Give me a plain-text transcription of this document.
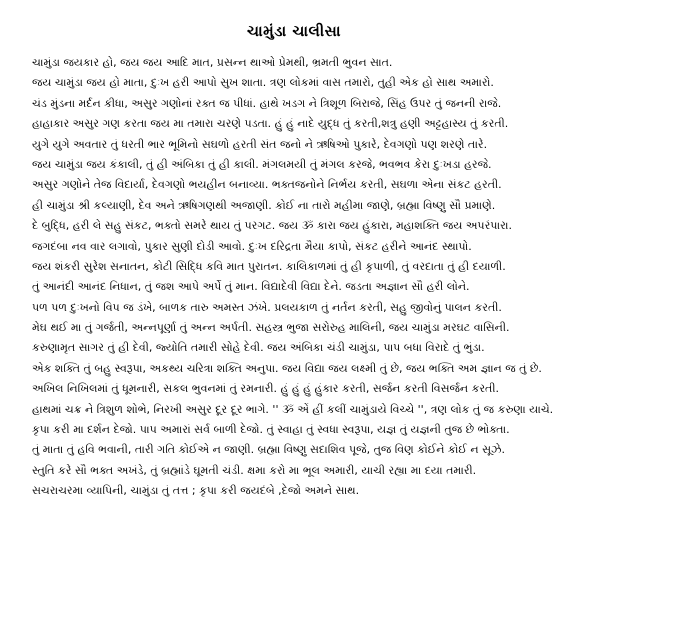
ચામુંડા ચાલીસા
ચામુંડા જયકાર હો, જય જય આદિ માત, પ્રસન્ન થાઓ પ્રેમથી, ભ્રમતી ભુવન સાત.
જય ચામુંડા જય હો માતા, દુઃખ હરી આપો સુખ શાતા. ત્રણ લોકમાં વાસ તમારો, તુહી એક હો સાથ અમારો.
ચંડ મુંડના મર્દન કીધા, અસુર ગણોનાં રક્ત જ પીધાં. હાથે ખડગ ને ત્રિશૂળ બિરાજે, સિંહ ઉપર તું જનની રાજે.
હાહાકાર અસુર ગણ કરતા જય મા તમારા ચરણે પડતા. હું હું નાદે યુદ્ધ તું કરતી,શત્રુ હણી અટ્ટહાસ્ય તું કરતી.
યુગે યુગે અવતાર તું ધરતી ભાર ભૂમિનો સઘળો હરતી સંત જનો ને ઋષિઓ પુકારે, દેવગણો પણ શરણે તારે.
જય ચામુંડા જય કંકાલી, તું હી અંબિકા તું હી કાલી. મંગલમયી તું મંગલ કરજે, ભવભવ કેરા દુઃખડા હરજે.
અસુર ગણોને તેજ વિદાર્યા, દેવગણો ભયહીન બનાવ્યા. ભક્તજનોને નિર્ભય કરતી, સઘળા એના સંકટ હરતી.
હી ચામુંડા શ્રી કલ્યાણી, દેવ અને ઋષિગણથી અજાણી. કોઈ ના તારો મહીમા જાણે, બ્રહ્મા વિષ્ણુ સૌ પ્રમાણે.
દે બુદ્ધિ, હરી લે સહુ સંકટ, ભક્તો સમરે થાય તું પરગટ. જય ૐ કારા જય હુંકારા, મહાશક્તિ જય અપરંપારા.
જગદંબા નવ વાર લગાવો, પુકાર સુણી દોડી આવો. દુઃખ દરિદ્રતા મૈયા કાપો, સંકટ હરીને આનંદ સ્થાપો.
જય શંકરી સુરેશ સનાતન, કોટી સિદ્ધિ કવિ માત પુરાતન. કાલિકાળમાં તું હી કૃપાળી, તું વરદાતા તું હી દયાળી.
તું આનંદી આનંદ નિધાન, તું જશ આપે અર્પે તું માન. વિદ્યાદેવી વિદ્યા દેને. જડતા અજ્ઞાન સૌ હરી લોને.
પળ પળ દુઃખનો વિપ જ ડંખે, બાળક તારુ અમસ્ત ઝંખે. પ્રલયકાળ તું નર્તન કરતી, સહુ જીવોનું પાલન કરતી.
મેઘ થઈ મા તું ગર્જતી, અન્નપૂર્ણા તું અન્ન અર્પતી. સહસ્ત્ર ભુજા સરોરુહ માલિની, જય ચામુંડા મરઘટ વાસિની.
કરુણામૃત સાગર તું હી દેવી, જ્યોતિ તમારી સોહે દેવી. જય અંબિકા ચંડી ચામુંડા, પાપ બધા વિરાદે તું ભુંડા.
એક શક્તિ તું બહુ સ્વરૂપા, અકથ્ય ચરિત્રા શક્તિ અનુપા. જય વિદ્યા જય લક્ષ્મી તું છે, જય ભક્તિ અમ જ્ઞાન જ તું છે.
અખિલ નિખિલમાં તું ધૂમનારી, સકલ ભુવનમાં તું રમનારી. હું હું હું હુંકાર કરતી, સર્જન કરતી વિસર્જન કરતી.
હાથમાં ચક્ર ને ત્રિશુળ શોભે, નિરખી અસુર દૂર દૂર ભાગે. '' ૐ એં હીં કલીં ચામુંડાયે વિચ્ચે '', ત્રણ લોક તું જ કરુણા યાચે.
કૃપા કરી મા દર્શન દેજો. પાપ અમારાં સર્વ બાળી દેજો. તું સ્વાહા તું સ્વધા સ્વરૂપા, યજ્ઞ તું યજ્ઞની તુજ છે ભોક્તા.
તું માતા તું હવિ ભવાની, તારી ગતિ કોઈએ ન જાણી. બ્રહ્મા વિષ્ણુ સદાશિવ પૂજે, તુજ વિણ કોઈને કોઈ ન સૂઝે.
સ્તુતિ કરે સૌ ભક્ત અખંડે, તું બ્રહ્માંડે ઘૂમતી ચંડી. ક્ષમા કરો મા ભૂલ અમારી, યાચી રહ્યા મા દયા તમારી.
સચરાચરમા વ્યાપિની, ચામુંડા તું તત્ત ; કૃપા કરી જયદંબે ,દેજો અમને સાથ.
